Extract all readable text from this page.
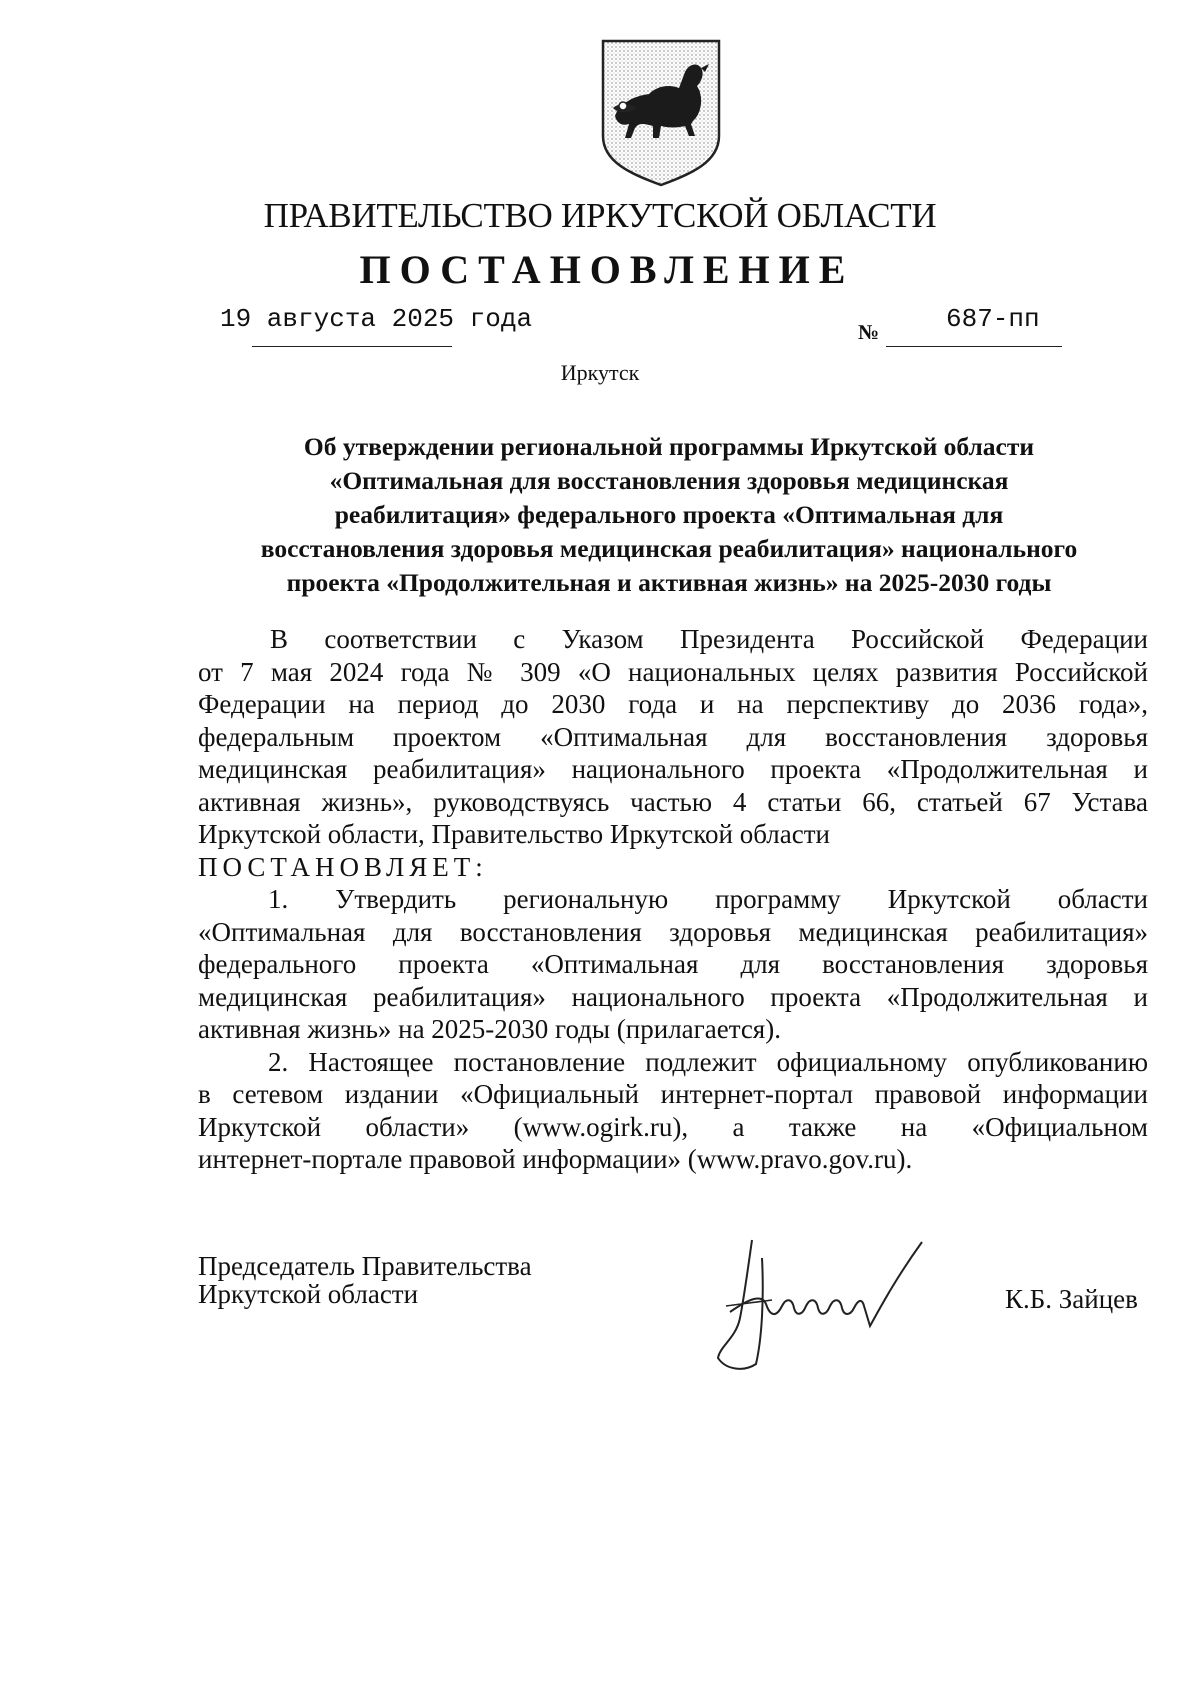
ПРАВИТЕЛЬСТВО ИРКУТСКОЙ ОБЛАСТИ
ПОСТАНОВЛЕНИЕ
19 августа 2025 года	№	687-пп
Иркутск
Об утверждении региональной программы Иркутской области
«Оптимальная для восстановления здоровья медицинская
реабилитация» федерального проекта «Оптимальная для
восстановления здоровья медицинская реабилитация» национального
проекта «Продолжительная и активная жизнь» на 2025-2030 годы
В соответствии с Указом Президента Российской Федерации
от 7 мая 2024 года № 309 «О национальных целях развития Российской
Федерации на период до 2030 года и на перспективу до 2036 года»,
федеральным проектом «Оптимальная для восстановления здоровья
медицинская реабилитация» национального проекта «Продолжительная и
активная жизнь», руководствуясь частью 4 статьи 66, статьей 67 Устава
Иркутской области, Правительство Иркутской области
ПОСТАНОВЛЯЕТ:
1. Утвердить региональную программу Иркутской области
«Оптимальная для восстановления здоровья медицинская реабилитация»
федерального проекта «Оптимальная для восстановления здоровья
медицинская реабилитация» национального проекта «Продолжительная и
активная жизнь» на 2025-2030 годы (прилагается).
2. Настоящее постановление подлежит официальному опубликованию
в сетевом издании «Официальный интернет-портал правовой информации
Иркутской области» (www.ogirk.ru), а также на «Официальном
интернет-портале правовой информации» (www.pravo.gov.ru).
Председатель Правительства
Иркутской области	К.Б. Зайцев
